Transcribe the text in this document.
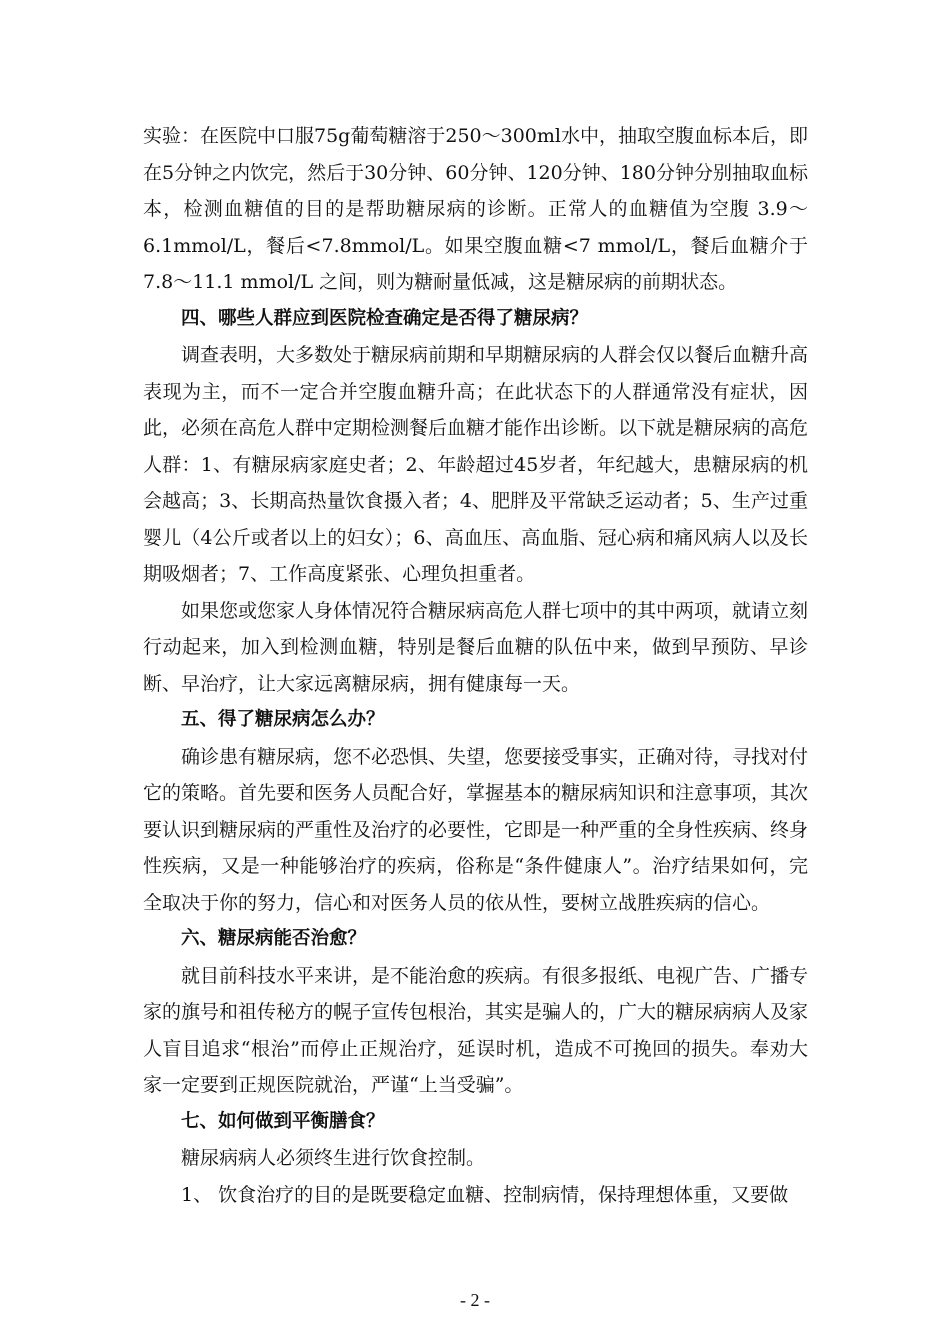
实验：在医院中口服75g葡萄糖溶于250～300ml水中，抽取空腹血标本后，即在5分钟之内饮完，然后于30分钟、60分钟、120分钟、180分钟分别抽取血标本，检测血糖值的目的是帮助糖尿病的诊断。正常人的血糖值为空腹 3.9～6.1mmol/L，餐后<7.8mmol/L。如果空腹血糖<7 mmol/L，餐后血糖介于 7.8～11.1 mmol/L 之间，则为糖耐量低减，这是糖尿病的前期状态。

四、哪些人群应到医院检查确定是否得了糖尿病？

调查表明，大多数处于糖尿病前期和早期糖尿病的人群会仅以餐后血糖升高表现为主，而不一定合并空腹血糖升高；在此状态下的人群通常没有症状，因此，必须在高危人群中定期检测餐后血糖才能作出诊断。以下就是糖尿病的高危人群：1、有糖尿病家庭史者；2、年龄超过45岁者，年纪越大，患糖尿病的机会越高；3、长期高热量饮食摄入者；4、肥胖及平常缺乏运动者；5、生产过重婴儿（4公斤或者以上的妇女）；6、高血压、高血脂、冠心病和痛风病人以及长期吸烟者；7、工作高度紧张、心理负担重者。

如果您或您家人身体情况符合糖尿病高危人群七项中的其中两项，就请立刻行动起来，加入到检测血糖，特别是餐后血糖的队伍中来，做到早预防、早诊断、早治疗，让大家远离糖尿病，拥有健康每一天。

五、得了糖尿病怎么办？

确诊患有糖尿病，您不必恐惧、失望，您要接受事实，正确对待，寻找对付它的策略。首先要和医务人员配合好，掌握基本的糖尿病知识和注意事项，其次要认识到糖尿病的严重性及治疗的必要性，它即是一种严重的全身性疾病、终身性疾病，又是一种能够治疗的疾病，俗称是“条件健康人”。治疗结果如何，完全取决于你的努力，信心和对医务人员的依从性，要树立战胜疾病的信心。

六、糖尿病能否治愈？

就目前科技水平来讲，是不能治愈的疾病。有很多报纸、电视广告、广播专家的旗号和祖传秘方的幌子宣传包根治，其实是骗人的，广大的糖尿病病人及家人盲目追求“根治”而停止正规治疗，延误时机，造成不可挽回的损失。奉劝大家一定要到正规医院就治，严谨“上当受骗”。

七、如何做到平衡膳食？

糖尿病病人必须终生进行饮食控制。

1、 饮食治疗的目的是既要稳定血糖、控制病情，保持理想体重，又要做

- 2 -
